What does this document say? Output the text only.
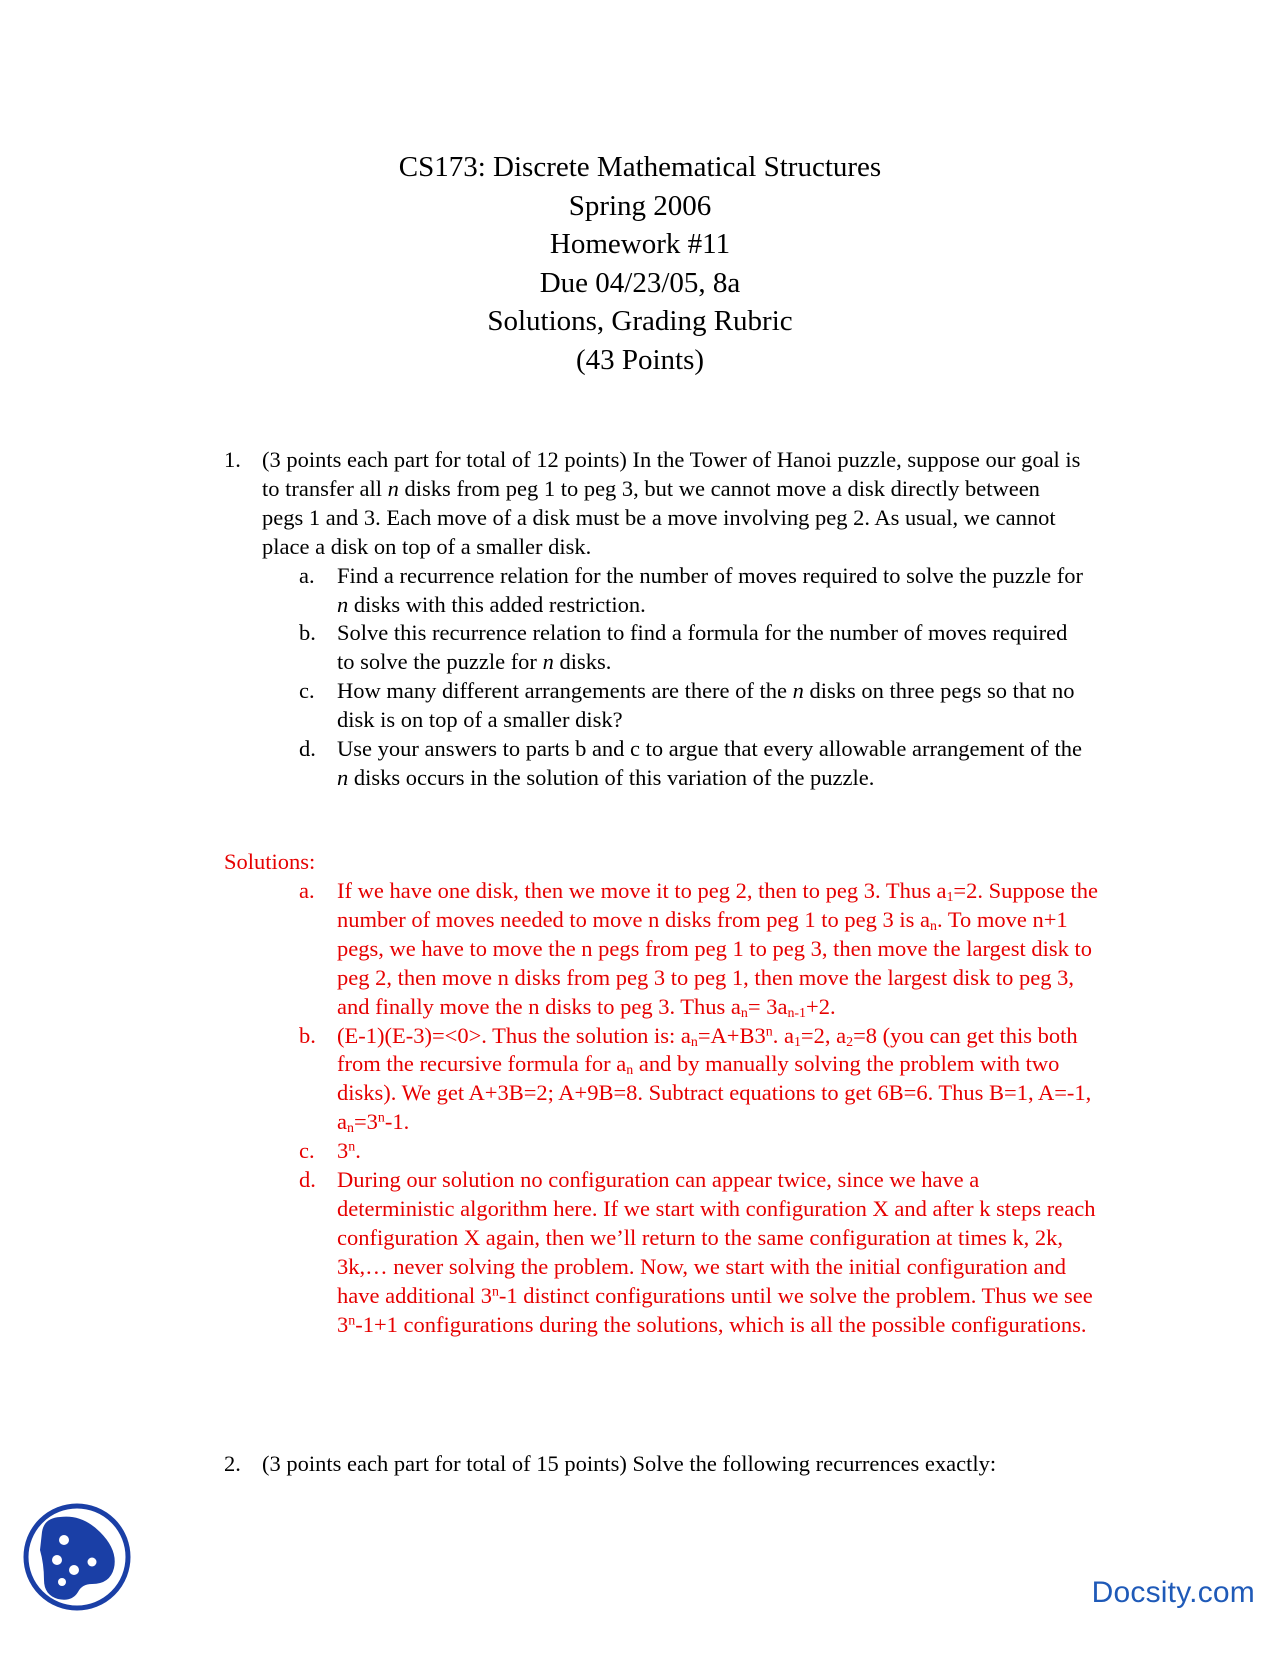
CS173: Discrete Mathematical Structures
Spring 2006
Homework #11
Due 04/23/05, 8a
Solutions, Grading Rubric
(43 Points)
1. (3 points each part for total of 12 points) In the Tower of Hanoi puzzle, suppose our goal is to transfer all n disks from peg 1 to peg 3, but we cannot move a disk directly between pegs 1 and 3. Each move of a disk must be a move involving peg 2. As usual, we cannot place a disk on top of a smaller disk.
a. Find a recurrence relation for the number of moves required to solve the puzzle for n disks with this added restriction.
b. Solve this recurrence relation to find a formula for the number of moves required to solve the puzzle for n disks.
c. How many different arrangements are there of the n disks on three pegs so that no disk is on top of a smaller disk?
d. Use your answers to parts b and c to argue that every allowable arrangement of the n disks occurs in the solution of this variation of the puzzle.
Solutions:
a. If we have one disk, then we move it to peg 2, then to peg 3. Thus $a_1=2$. Suppose the number of moves needed to move n disks from peg 1 to peg 3 is $a_n$. To move n+1 pegs, we have to move the n pegs from peg 1 to peg 3, then move the largest disk to peg 2, then move n disks from peg 3 to peg 1, then move the largest disk to peg 3, and finally move the n disks to peg 3. Thus $a_n= 3a_{n-1}+2$.
b. (E-1)(E-3)=<0>. Thus the solution is: $a_n=A+B3^n$. $a_1=2$, $a_2=8$ (you can get this both from the recursive formula for $a_n$ and by manually solving the problem with two disks). We get A+3B=2; A+9B=8. Subtract equations to get 6B=6. Thus B=1, A=-1, $a_n=3^n-1$.
c. 3$^n$.
d. During our solution no configuration can appear twice, since we have a deterministic algorithm here. If we start with configuration X and after k steps reach configuration X again, then we’ll return to the same configuration at times k, 2k, 3k,… never solving the problem. Now, we start with the initial configuration and have additional 3$^n$-1 distinct configurations until we solve the problem. Thus we see $3^n-1+1$ configurations during the solutions, which is all the possible configurations.
2. (3 points each part for total of 15 points) Solve the following recurrences exactly:
Docsity.com
